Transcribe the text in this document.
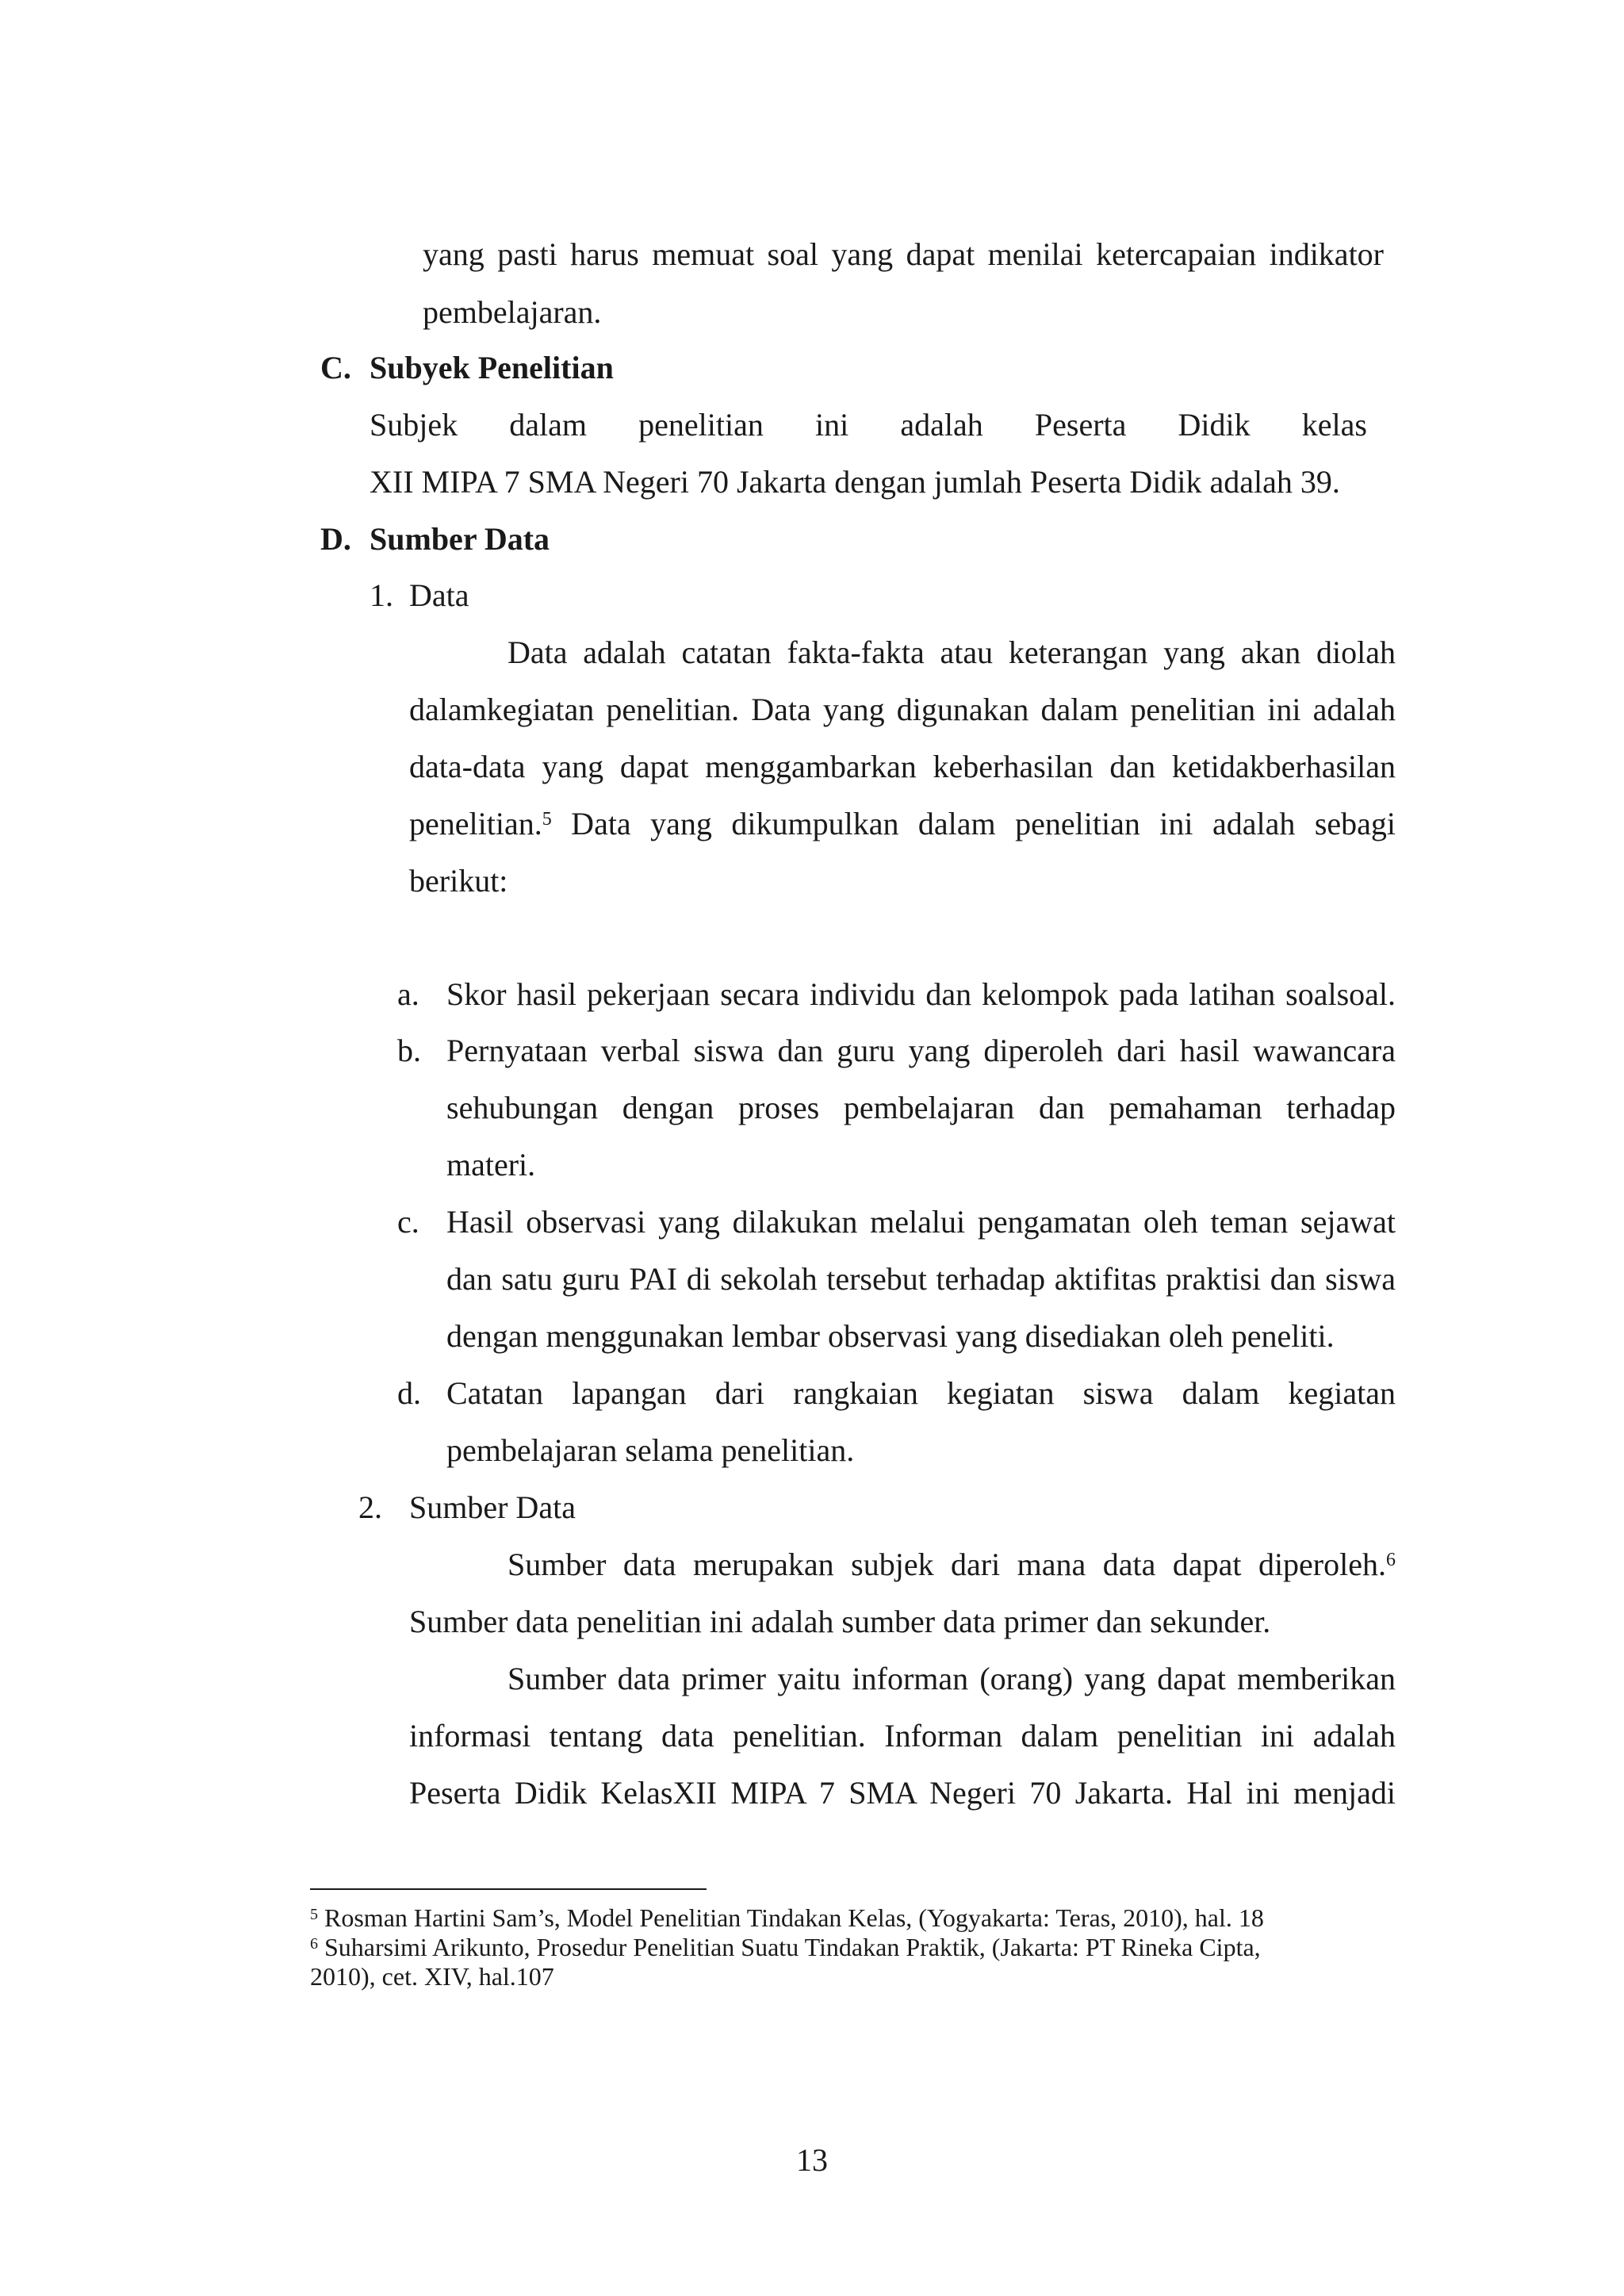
yang pasti harus memuat soal yang dapat menilai ketercapaian indikator
pembelajaran.
C. Subyek Penelitian
Subjek dalam penelitian ini adalah Peserta Didik kelas
XII MIPA 7 SMA Negeri 70 Jakarta dengan jumlah Peserta Didik adalah 39.
D. Sumber Data
1. Data
Data adalah catatan fakta-fakta atau keterangan yang akan diolah
dalamkegiatan penelitian. Data yang digunakan dalam penelitian ini adalah
data-data yang dapat menggambarkan keberhasilan dan ketidakberhasilan
penelitian.$^5$ Data yang dikumpulkan dalam penelitian ini adalah sebagi
berikut:
a. Skor hasil pekerjaan secara individu dan kelompok pada latihan soalsoal.
b. Pernyataan verbal siswa dan guru yang diperoleh dari hasil wawancara
sehubungan dengan proses pembelajaran dan pemahaman terhadap
materi.
c. Hasil observasi yang dilakukan melalui pengamatan oleh teman sejawat
dan satu guru PAI di sekolah tersebut terhadap aktifitas praktisi dan siswa
dengan menggunakan lembar observasi yang disediakan oleh peneliti.
d. Catatan lapangan dari rangkaian kegiatan siswa dalam kegiatan
pembelajaran selama penelitian.
2. Sumber Data
Sumber data merupakan subjek dari mana data dapat diperoleh.$^6$
Sumber data penelitian ini adalah sumber data primer dan sekunder.
Sumber data primer yaitu informan (orang) yang dapat memberikan
informasi tentang data penelitian. Informan dalam penelitian ini adalah
Peserta Didik KelasXII MIPA 7 SMA Negeri 70 Jakarta. Hal ini menjadi
$^5$ Rosman Hartini Sam’s, Model Penelitian Tindakan Kelas, (Yogyakarta: Teras, 2010), hal. 18
$^6$ Suharsimi Arikunto, Prosedur Penelitian Suatu Tindakan Praktik, (Jakarta: PT Rineka Cipta,
2010), cet. XIV, hal.107
13
